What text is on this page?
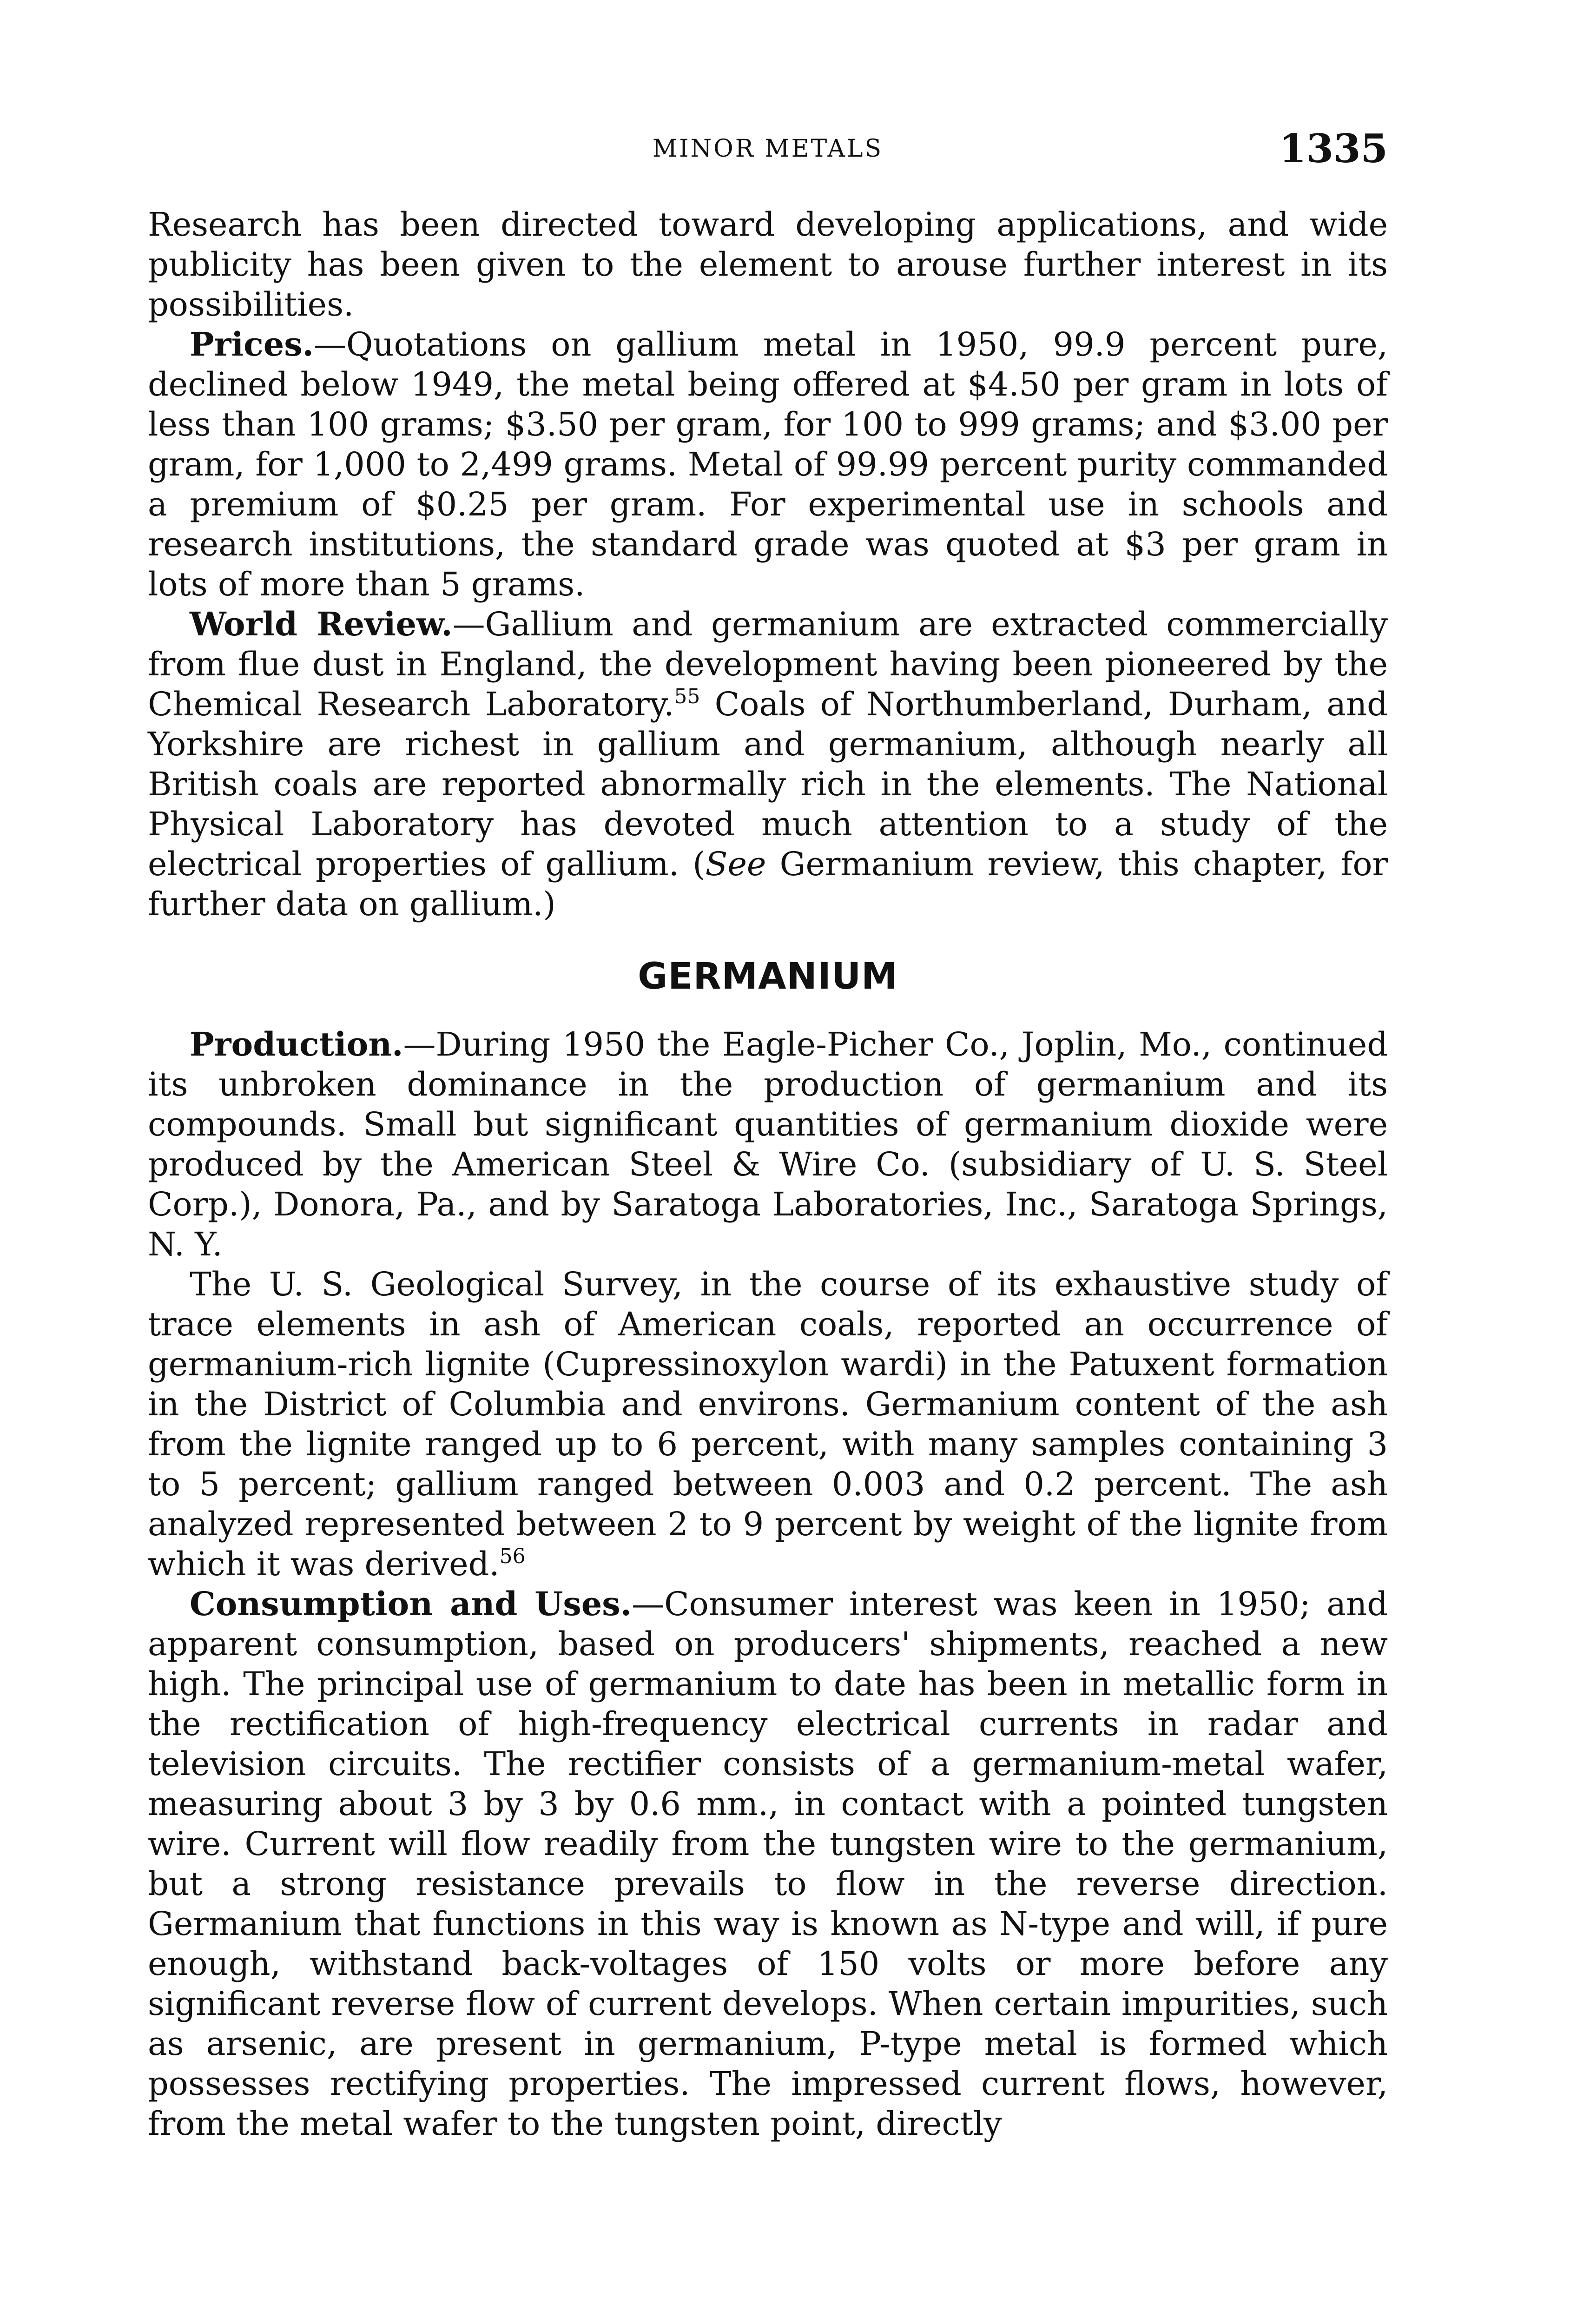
MINOR METALS	1335

Research has been directed toward developing applications, and wide publicity has been given to the element to arouse further interest in its possibilities.

Prices.—Quotations on gallium metal in 1950, 99.9 percent pure, declined below 1949, the metal being offered at $4.50 per gram in lots of less than 100 grams; $3.50 per gram, for 100 to 999 grams; and $3.00 per gram, for 1,000 to 2,499 grams. Metal of 99.99 percent purity commanded a premium of $0.25 per gram. For experimental use in schools and research institutions, the standard grade was quoted at $3 per gram in lots of more than 5 grams.

World Review.—Gallium and germanium are extracted commercially from flue dust in England, the development having been pioneered by the Chemical Research Laboratory.$^{55}$ Coals of Northumberland, Durham, and Yorkshire are richest in gallium and germanium, although nearly all British coals are reported abnormally rich in the elements. The National Physical Laboratory has devoted much attention to a study of the electrical properties of gallium. (See Germanium review, this chapter, for further data on gallium.)

GERMANIUM

Production.—During 1950 the Eagle-Picher Co., Joplin, Mo., continued its unbroken dominance in the production of germanium and its compounds. Small but significant quantities of germanium dioxide were produced by the American Steel & Wire Co. (subsidiary of U. S. Steel Corp.), Donora, Pa., and by Saratoga Laboratories, Inc., Saratoga Springs, N. Y.

The U. S. Geological Survey, in the course of its exhaustive study of trace elements in ash of American coals, reported an occurrence of germanium-rich lignite (Cupressinoxylon wardi) in the Patuxent formation in the District of Columbia and environs. Germanium content of the ash from the lignite ranged up to 6 percent, with many samples containing 3 to 5 percent; gallium ranged between 0.003 and 0.2 percent. The ash analyzed represented between 2 to 9 percent by weight of the lignite from which it was derived.$^{56}$

Consumption and Uses.—Consumer interest was keen in 1950; and apparent consumption, based on producers' shipments, reached a new high. The principal use of germanium to date has been in metallic form in the rectification of high-frequency electrical currents in radar and television circuits. The rectifier consists of a germanium-metal wafer, measuring about 3 by 3 by 0.6 mm., in contact with a pointed tungsten wire. Current will flow readily from the tungsten wire to the germanium, but a strong resistance prevails to flow in the reverse direction. Germanium that functions in this way is known as N-type and will, if pure enough, withstand back-voltages of 150 volts or more before any significant reverse flow of current develops. When certain impurities, such as arsenic, are present in germanium, P-type metal is formed which possesses rectifying properties. The impressed current flows, however, from the metal wafer to the tungsten point, directly
